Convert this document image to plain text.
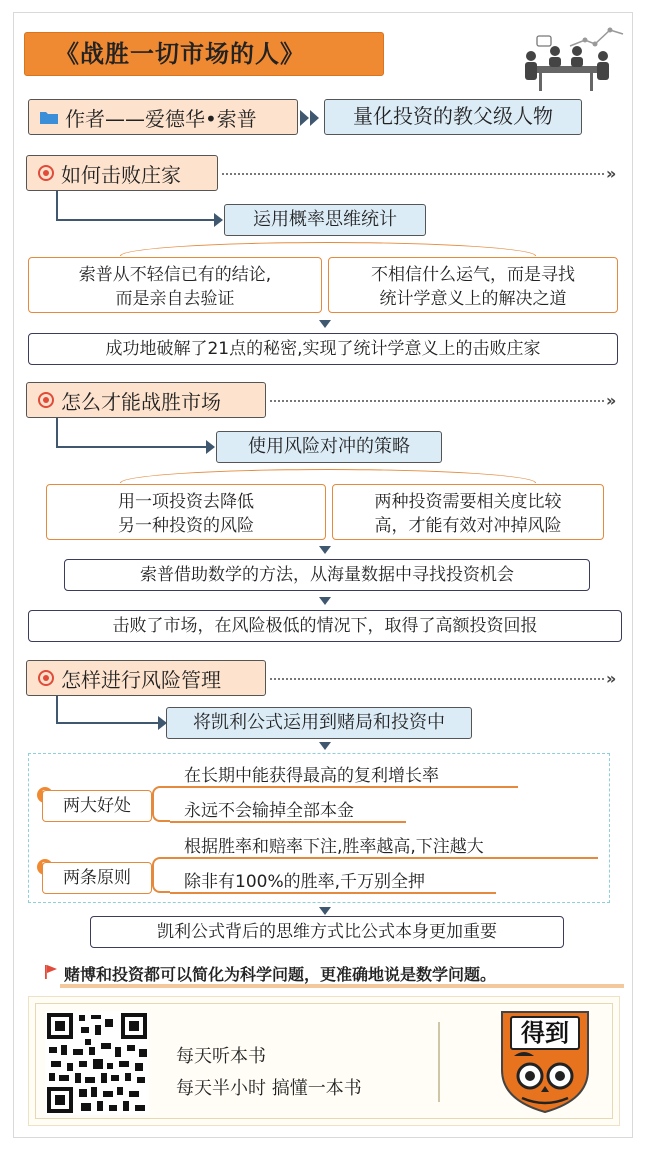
《战胜一切市场的人》
作者——爱德华•索普	量化投资的教父级人物
如何击败庄家	»
运用概率思维统计
索普从不轻信已有的结论,
而是亲自去验证
不相信什么运气，而是寻找
统计学意义上的解决之道
成功地破解了21点的秘密,实现了统计学意义上的击败庄家
怎么才能战胜市场	»
使用风险对冲的策略
用一项投资去降低
另一种投资的风险
两种投资需要相关度比较
高，才能有效对冲掉风险
索普借助数学的方法，从海量数据中寻找投资机会
击败了市场，在风险极低的情况下，取得了高额投资回报
怎样进行风险管理	»
将凯利公式运用到赌局和投资中
两大好处
在长期中能获得最高的复利增长率
永远不会输掉全部本金
两条原则
根据胜率和赔率下注,胜率越高,下注越大
除非有100%的胜率,千万别全押
凯利公式背后的思维方式比公式本身更加重要
赌博和投资都可以简化为科学问题，更准确地说是数学问题。
每天听本书
每天半小时 搞懂一本书
得到
